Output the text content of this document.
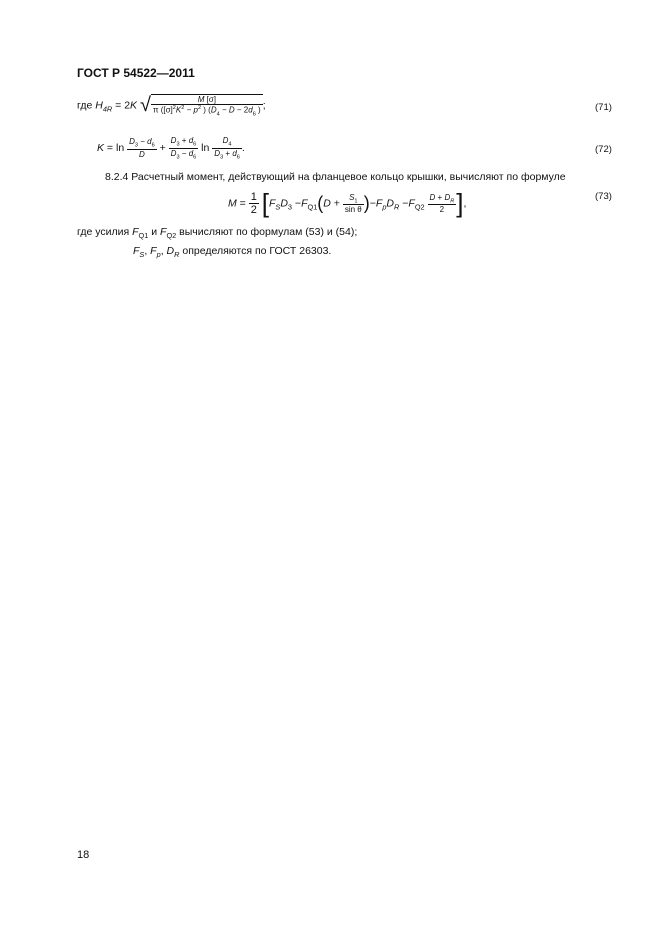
ГОСТ Р 54522—2011
где $H_{4R} = 2K$ √ $\frac{M [\sigma]}{\pi ([\sigma]^2K^2 - p^2 ) (D_4 - D - 2d_6 )}$ ;	(71)
$K = \ln \frac{D_3 - d_6}{D} + \frac{D_3 + d_6}{D_3 - d_6}$ $\ln \frac{D_4}{D_3 + d_6}$ .	(72)
8.2.4 Расчетный момент, действующий на фланцевое кольцо крышки, вычисляют по формуле
$M = \frac{1}{2} [F_SD_3 -F_{Q1}(D + \frac{S_1}{\text{sin θ}} )-F_pD_R -F_{Q2} \frac{D + D_R}{2}$ ],
(73)
где усилия $F_{Q1}$ и $F_{Q2}$ вычисляют по формулам (53) и (54);
$F_S$, $F_p$, $D_R$ определяются по ГОСТ 26303.
18
